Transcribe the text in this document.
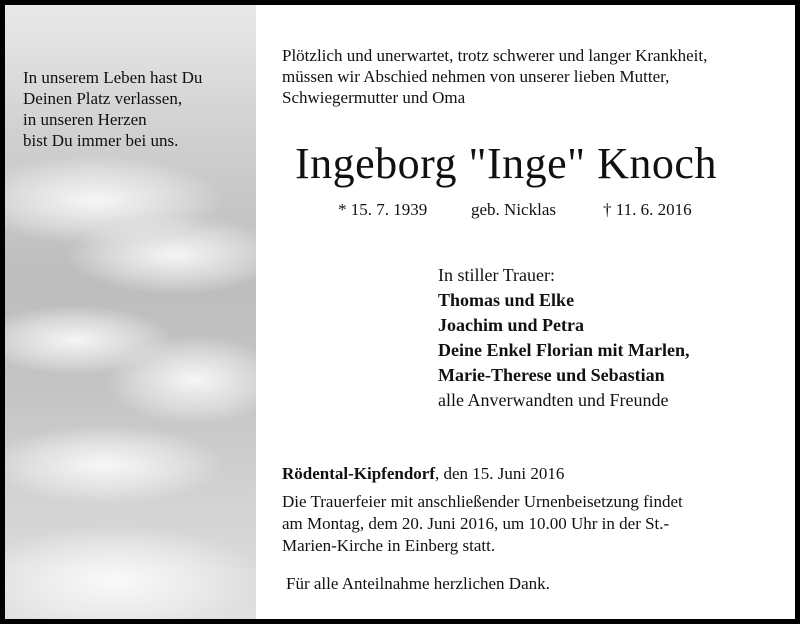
In unserem Leben hast Du
Deinen Platz verlassen,
in unseren Herzen
bist Du immer bei uns.
Plötzlich und unerwartet, trotz schwerer und langer Krankheit,
müssen wir Abschied nehmen von unserer lieben Mutter,
Schwiegermutter und Oma
Ingeborg "Inge" Knoch
* 15. 7. 1939	geb. Nicklas	† 11. 6. 2016
In stiller Trauer:
Thomas und Elke
Joachim und Petra
Deine Enkel Florian mit Marlen,
Marie-Therese und Sebastian
alle Anverwandten und Freunde
Rödental-Kipfendorf, den 15. Juni 2016
Die Trauerfeier mit anschließender Urnenbeisetzung findet
am Montag, dem 20. Juni 2016, um 10.00 Uhr in der St.-
Marien-Kirche in Einberg statt.
Für alle Anteilnahme herzlichen Dank.
